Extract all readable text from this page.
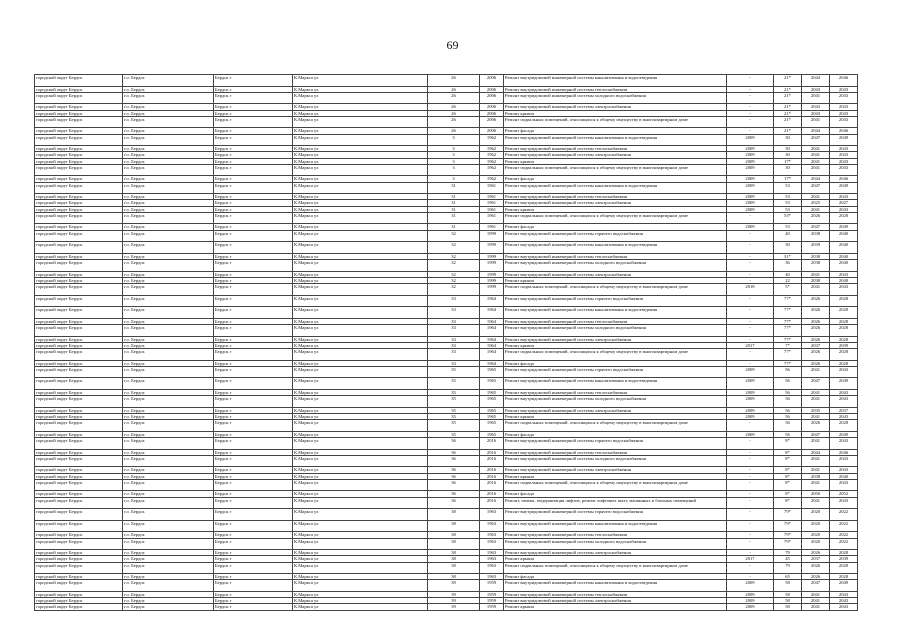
69
городской округ Бердск	г.о. Бердск	Бердск г	К.Маркса ул	26	2006	Ремонт внутридомовой инженерной системы канализования и водоотведения	-	21*	2044	2046
городской округ Бердск	г.о. Бердск	Бердск г	К.Маркса ул	26	2006	Ремонт внутридомовой инженерной системы теплоснабжения	-	21*	2043	2043
городской округ Бердск	г.о. Бердск	Бердск г	К.Маркса ул	26	2006	Ремонт внутридомовой инженерной системы холодного водоснабжения	-	21*	2041	2043
городской округ Бердск	г.о. Бердск	Бердск г	К.Маркса ул	26	2006	Ремонт внутридомовой инженерной системы электроснабжения	-	21*	2043	2043
городской округ Бердск	г.о. Бердск	Бердск г	К.Маркса ул	26	2006	Ремонт крыши	-	21*	2043	2043
городской округ Бердск	г.о. Бердск	Бердск г	К.Маркса ул	26	2006	Ремонт подвальных помещений, относящихся к общему имуществу в многоквартирном доме	-	21*	2041	2043
городской округ Бердск	г.о. Бердск	Бердск г	К.Маркса ул	26	2006	Ремонт фасада	-	21*	2044	2046
городской округ Бердск	г.о. Бердск	Бердск г	К.Маркса ул	3	1962	Ремонт внутридомовой инженерной системы канализования и водоотведения	2009	30	2047	2049
городской округ Бердск	г.о. Бердск	Бердск г	К.Маркса ул	3	1962	Ремонт внутридомовой инженерной системы теплоснабжения	2009	30	2041	2043
городской округ Бердск	г.о. Бердск	Бердск г	К.Маркса ул	3	1962	Ремонт внутридомовой инженерной системы электроснабжения	2009	30	2041	2043
городской округ Бердск	г.о. Бердск	Бердск г	К.Маркса ул	3	1962	Ремонт крыши	2009	17*	2041	2043
городской округ Бердск	г.о. Бердск	Бердск г	К.Маркса ул	3	1962	Ремонт подвальных помещений, относящихся к общему имуществу в многоквартирном доме	2009	30	2041	2043
городской округ Бердск	г.о. Бердск	Бердск г	К.Маркса ул	3	1962	Ремонт фасада	2009	17*	2044	2046
городской округ Бердск	г.о. Бердск	Бердск г	К.Маркса ул	31	1961	Ремонт внутридомовой инженерной системы канализования и водоотведения	2009	53	2047	2049
городской округ Бердск	г.о. Бердск	Бердск г	К.Маркса ул	31	1961	Ремонт внутридомовой инженерной системы теплоснабжения	2009	53	2041	2043
городской округ Бердск	г.о. Бердск	Бердск г	К.Маркса ул	31	1961	Ремонт внутридомовой инженерной системы электроснабжения	2009	53	2025	2027
городской округ Бердск	г.о. Бердск	Бердск г	К.Маркса ул	31	1961	Ремонт крыши	2009	53	2041	2043
городской округ Бердск	г.о. Бердск	Бердск г	К.Маркса ул	31	1961	Ремонт подвальных помещений, относящихся к общему имуществу в многоквартирном доме	-	53*	2026	2028
городской округ Бердск	г.о. Бердск	Бердск г	К.Маркса ул	31	1961	Ремонт фасада	2009	53	2047	2049
городской округ Бердск	г.о. Бердск	Бердск г	К.Маркса ул	32	1999	Ремонт внутридомовой инженерной системы горячего водоснабжения	-	40	2038	2040
городской округ Бердск	г.о. Бердск	Бердск г	К.Маркса ул	32	1999	Ремонт внутридомовой инженерной системы канализования и водоотведения	-	30	2039	2040
городской округ Бердск	г.о. Бердск	Бердск г	К.Маркса ул	32	1999	Ремонт внутридомовой инженерной системы теплоснабжения	-	31*	2038	2040
городской округ Бердск	г.о. Бердск	Бердск г	К.Маркса ул	32	1999	Ремонт внутридомовой инженерной системы холодного водоснабжения	-	36	2038	2040
городской округ Бердск	г.о. Бердск	Бердск г	К.Маркса ул	32	1999	Ремонт внутридомовой инженерной системы электроснабжения	-	40	2041	2043
городской округ Бердск	г.о. Бердск	Бердск г	К.Маркса ул	32	1999	Ремонт крыши	-	22	2038	2040
городской округ Бердск	г.о. Бердск	Бердск г	К.Маркса ул	32	1999	Ремонт подвальных помещений, относящихся к общему имуществу в многоквартирном доме	2018	5*	2041	2043
городской округ Бердск	г.о. Бердск	Бердск г	К.Маркса ул	33	1964	Ремонт внутридомовой инженерной системы горячего водоснабжения	-	77*	2026	2028
городской округ Бердск	г.о. Бердск	Бердск г	К.Маркса ул	33	1964	Ремонт внутридомовой инженерной системы канализования и водоотведения	-	77*	2026	2028
городской округ Бердск	г.о. Бердск	Бердск г	К.Маркса ул	33	1964	Ремонт внутридомовой инженерной системы теплоснабжения	-	77*	2026	2028
городской округ Бердск	г.о. Бердск	Бердск г	К.Маркса ул	33	1964	Ремонт внутридомовой инженерной системы холодного водоснабжения	-	77*	2026	2028
городской округ Бердск	г.о. Бердск	Бердск г	К.Маркса ул	33	1964	Ремонт внутридомовой инженерной системы электроснабжения	-	77*	2026	2028
городской округ Бердск	г.о. Бердск	Бердск г	К.Маркса ул	33	1964	Ремонт крыши	2017	7*	2037	2039
городской округ Бердск	г.о. Бердск	Бердск г	К.Маркса ул	33	1964	Ремонт подвальных помещений, относящихся к общему имуществу в многоквартирном доме	-	77*	2026	2028
городской округ Бердск	г.о. Бердск	Бердск г	К.Маркса ул	33	1964	Ремонт фасада	-	77*	2026	2028
городской округ Бердск	г.о. Бердск	Бердск г	К.Маркса ул	35	1965	Ремонт внутридомовой инженерной системы горячего водоснабжения	2009	56	2041	2043
городской округ Бердск	г.о. Бердск	Бердск г	К.Маркса ул	35	1965	Ремонт внутридомовой инженерной системы канализования и водоотведения	2009	56	2047	2049
городской округ Бердск	г.о. Бердск	Бердск г	К.Маркса ул	35	1965	Ремонт внутридомовой инженерной системы теплоснабжения	2009	56	2041	2043
городской округ Бердск	г.о. Бердск	Бердск г	К.Маркса ул	35	1965	Ремонт внутридомовой инженерной системы холодного водоснабжения	2009	56	2041	2043
городской округ Бердск	г.о. Бердск	Бердск г	К.Маркса ул	35	1965	Ремонт внутридомовой инженерной системы электроснабжения	2009	56	2035	2037
городской округ Бердск	г.о. Бердск	Бердск г	К.Маркса ул	35	1965	Ремонт крыши	2009	56	2041	2043
городской округ Бердск	г.о. Бердск	Бердск г	К.Маркса ул	35	1965	Ремонт подвальных помещений, относящихся к общему имуществу в многоквартирном доме	-	56	2026	2028
городской округ Бердск	г.о. Бердск	Бердск г	К.Маркса ул	35	1965	Ремонт фасада	2009	56	2047	2049
городской округ Бердск	г.о. Бердск	Бердск г	К.Маркса ул	36	2016	Ремонт внутридомовой инженерной системы горячего водоснабжения	-	8*	2041	2043
городской округ Бердск	г.о. Бердск	Бердск г	К.Маркса ул	36	2016	Ремонт внутридомовой инженерной системы теплоснабжения	-	8*	2044	2046
городской округ Бердск	г.о. Бердск	Бердск г	К.Маркса ул	36	2016	Ремонт внутридомовой инженерной системы холодного водоснабжения	-	8*	2041	2043
городской округ Бердск	г.о. Бердск	Бердск г	К.Маркса ул	36	2016	Ремонт внутридомовой инженерной системы электроснабжения	-	8*	2041	2043
городской округ Бердск	г.о. Бердск	Бердск г	К.Маркса ул	36	2016	Ремонт крыши	-	8*	2038	2040
городской округ Бердск	г.о. Бердск	Бердск г	К.Маркса ул	36	2016	Ремонт подвальных помещений, относящихся к общему имуществу в многоквартирном доме	-	8*	2041	2043
городской округ Бердск	г.о. Бердск	Бердск г	К.Маркса ул	36	2016	Ремонт фасада	-	8*	2050	2052
городской округ Бердск	г.о. Бердск	Бердск г	К.Маркса ул	36	2016	Ремонт, замена, модернизация лифтов, ремонт лифтовых шахт, машинных и блочных помещений	-	8*	2041	2043
городской округ Бердск	г.о. Бердск	Бердск г	К.Маркса ул	38	1963	Ремонт внутридомовой инженерной системы горячего водоснабжения	-	79*	2020	2022
городской округ Бердск	г.о. Бердск	Бердск г	К.Маркса ул	38	1963	Ремонт внутридомовой инженерной системы канализования и водоотведения	-	79*	2020	2022
городской округ Бердск	г.о. Бердск	Бердск г	К.Маркса ул	38	1963	Ремонт внутридомовой инженерной системы теплоснабжения	-	79*	2020	2022
городской округ Бердск	г.о. Бердск	Бердск г	К.Маркса ул	38	1963	Ремонт внутридомовой инженерной системы холодного водоснабжения	-	79*	2020	2022
городской округ Бердск	г.о. Бердск	Бердск г	К.Маркса ул	38	1963	Ремонт внутридомовой инженерной системы электроснабжения	-	79	2026	2028
городской округ Бердск	г.о. Бердск	Бердск г	К.Маркса ул	38	1963	Ремонт крыши	2017	45	2037	2039
городской округ Бердск	г.о. Бердск	Бердск г	К.Маркса ул	38	1963	Ремонт подвальных помещений, относящихся к общему имуществу в многоквартирном доме	-	79	2026	2028
городской округ Бердск	г.о. Бердск	Бердск г	К.Маркса ул	38	1963	Ремонт фасада	-	65	2026	2028
городской округ Бердск	г.о. Бердск	Бердск г	К.Маркса ул	39	1959	Ремонт внутридомовой инженерной системы канализования и водоотведения	2009	58	2047	2049
городской округ Бердск	г.о. Бердск	Бердск г	К.Маркса ул	39	1959	Ремонт внутридомовой инженерной системы теплоснабжения	2009	58	2041	2043
городской округ Бердск	г.о. Бердск	Бердск г	К.Маркса ул	39	1959	Ремонт внутридомовой инженерной системы электроснабжения	2009	58	2041	2043
городской округ Бердск	г.о. Бердск	Бердск г	К.Маркса ул	39	1959	Ремонт крыши	2009	58	2041	2043
